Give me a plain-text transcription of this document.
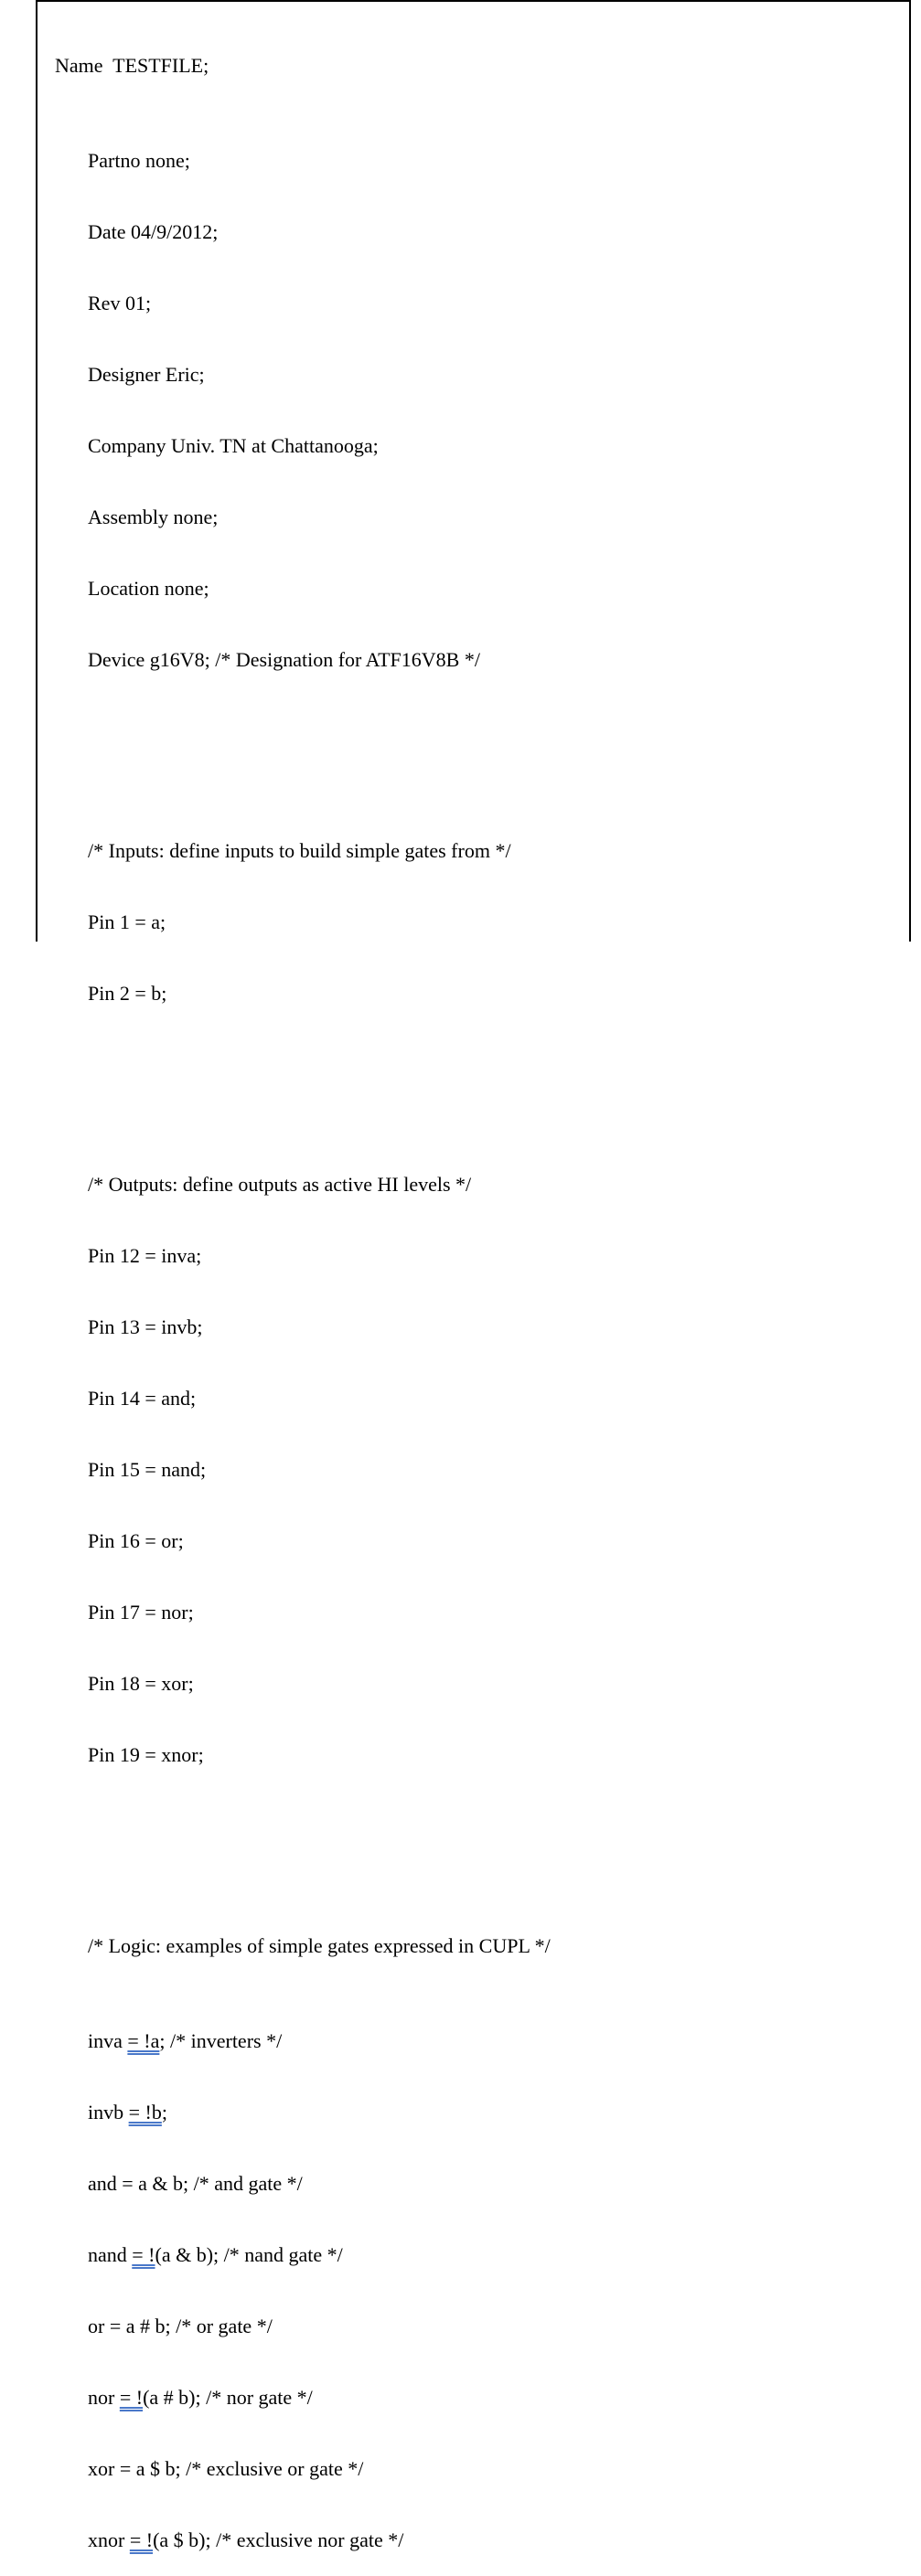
Name  TESTFILE;

Partno none;

Date 04/9/2012;

Rev 01;

Designer Eric;

Company Univ. TN at Chattanooga;

Assembly none;

Location none;

Device g16V8; /* Designation for ATF16V8B */

/* Inputs: define inputs to build simple gates from */

Pin 1 = a;

Pin 2 = b;

/* Outputs: define outputs as active HI levels */

Pin 12 = inva;

Pin 13 = invb;

Pin 14 = and;

Pin 15 = nand;

Pin 16 = or;

Pin 17 = nor;

Pin 18 = xor;

Pin 19 = xnor;

/* Logic: examples of simple gates expressed in CUPL */

inva = !a; /* inverters */

invb = !b;

and = a & b; /* and gate */

nand = !(a & b); /* nand gate */

or = a # b; /* or gate */

nor = !(a # b); /* nor gate */

xor = a $ b; /* exclusive or gate */

xnor = !(a $ b); /* exclusive nor gate */
